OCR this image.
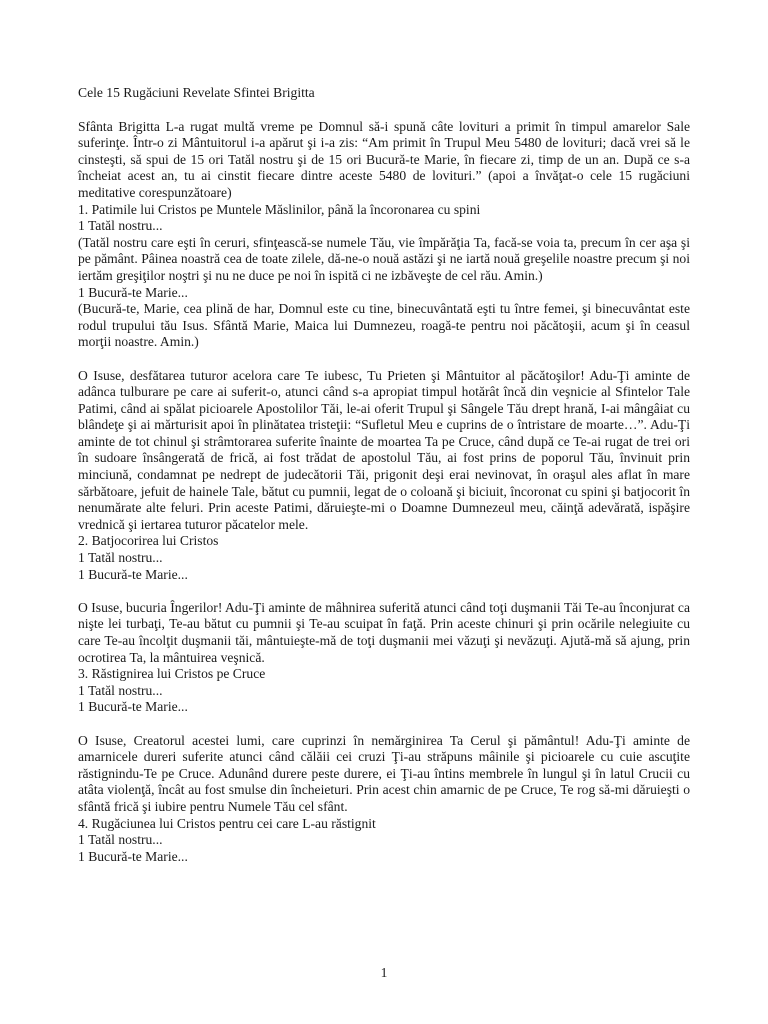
Cele 15 Rugăciuni Revelate Sfintei Brigitta
Sfânta Brigitta L-a rugat multă vreme pe Domnul să-i spună câte lovituri a primit în timpul amarelor Sale suferinţe. Într-o zi Mântuitorul i-a apărut şi i-a zis: “Am primit în Trupul Meu 5480 de lovituri; dacă vrei să le cinsteşti, să spui de 15 ori Tatăl nostru şi de 15 ori Bucură-te Marie, în fiecare zi, timp de un an. După ce s-a încheiat acest an, tu ai cinstit fiecare dintre aceste 5480 de lovituri.” (apoi a învăţat-o cele 15 rugăciuni meditative corespunzătoare)
1. Patimile lui Cristos pe Muntele Măslinilor, până la încoronarea cu spini
1 Tatăl nostru...
(Tatăl nostru care eşti în ceruri, sfinţească-se numele Tău, vie împărăţia Ta, facă-se voia ta, precum în cer aşa şi pe pământ. Pâinea noastră cea de toate zilele, dă-ne-o nouă astăzi şi ne iartă nouă greşelile noastre precum şi noi iertăm greşiţilor noştri şi nu ne duce pe noi în ispită ci ne izbăveşte de cel rău. Amin.)
1 Bucură-te Marie...
(Bucură-te, Marie, cea plină de har, Domnul este cu tine, binecuvântată eşti tu între femei, şi binecuvântat este rodul trupului tău Isus. Sfântă Marie, Maica lui Dumnezeu, roagă-te pentru noi păcătoşii, acum şi în ceasul morţii noastre. Amin.)
O Isuse, desfătarea tuturor acelora care Te iubesc, Tu Prieten şi Mântuitor al păcătoşilor! Adu-Ţi aminte de adânca tulburare pe care ai suferit-o, atunci când s-a apropiat timpul hotărât încă din veşnicie al Sfintelor Tale Patimi, când ai spălat picioarele Apostolilor Tăi, le-ai oferit Trupul şi Sângele Tău drept hrană, I-ai mângâiat cu blândeţe şi ai mărturisit apoi în plinătatea tristeţii: “Sufletul Meu e cuprins de o întristare de moarte…”. Adu-Ţi aminte de tot chinul şi strâmtorarea suferite înainte de moartea Ta pe Cruce, când după ce Te-ai rugat de trei ori în sudoare însângerată de frică, ai fost trădat de apostolul Tău, ai fost prins de poporul Tău, învinuit prin minciună, condamnat pe nedrept de judecătorii Tăi, prigonit deşi erai nevinovat, în oraşul ales aflat în mare sărbătoare, jefuit de hainele Tale, bătut cu pumnii, legat de o coloană şi biciuit, încoronat cu spini şi batjocorit în nenumărate alte feluri. Prin aceste Patimi, dăruieşte-mi o Doamne Dumnezeul meu, căinţă adevărată, ispăşire vrednică şi iertarea tuturor păcatelor mele.
2. Batjocorirea lui Cristos
1 Tatăl nostru...
1 Bucură-te Marie...
O Isuse, bucuria Îngerilor! Adu-Ţi aminte de mâhnirea suferită atunci când toţi duşmanii Tăi Te-au înconjurat ca nişte lei turbaţi, Te-au bătut cu pumnii şi Te-au scuipat în faţă. Prin aceste chinuri şi prin ocările nelegiuite cu care Te-au încolţit duşmanii tăi, mântuieşte-mă de toţi duşmanii mei văzuţi şi nevăzuţi. Ajută-mă să ajung, prin ocrotirea Ta, la mântuirea veşnică.
3. Răstignirea lui Cristos pe Cruce
1 Tatăl nostru...
1 Bucură-te Marie...
O Isuse, Creatorul acestei lumi, care cuprinzi în nemărginirea Ta Cerul şi pământul! Adu-Ţi aminte de amarnicele dureri suferite atunci când călăii cei cruzi Ţi-au străpuns mâinile şi picioarele cu cuie ascuţite răstignindu-Te pe Cruce. Adunând durere peste durere, ei Ţi-au întins membrele în lungul şi în latul Crucii cu atâta violenţă, încât au fost smulse din încheieturi. Prin acest chin amarnic de pe Cruce, Te rog să-mi dăruieşti o sfântă frică şi iubire pentru Numele Tău cel sfânt.
4. Rugăciunea lui Cristos pentru cei care L-au răstignit
1 Tatăl nostru...
1 Bucură-te Marie...
1
